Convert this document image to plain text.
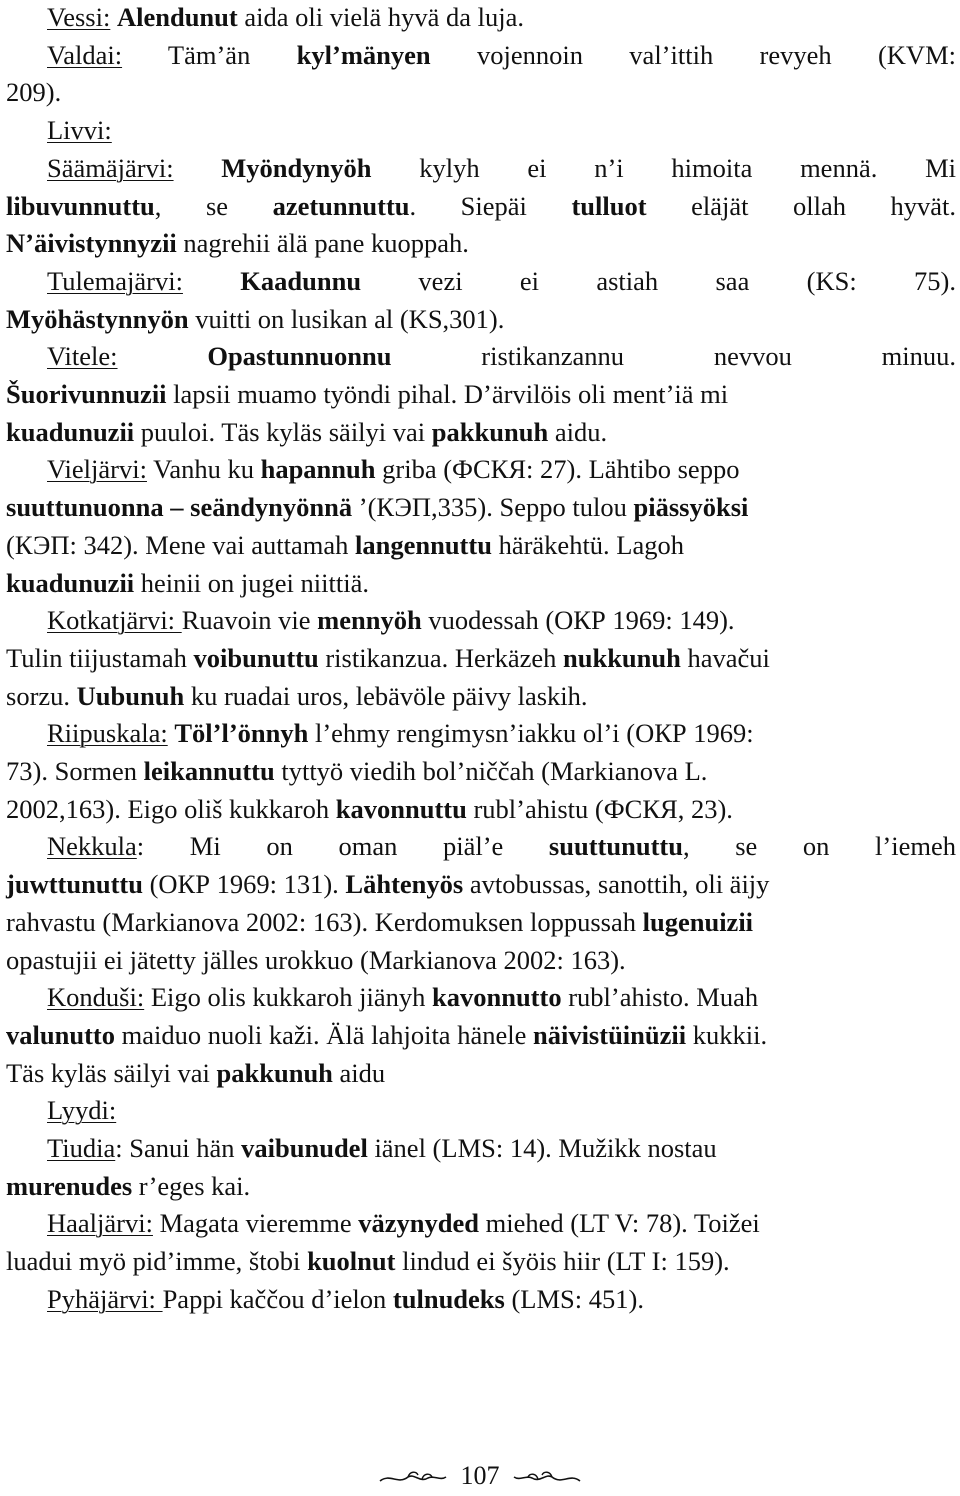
Vessi: Alendunut aida oli vielä hyvä da luja.
Valdai: Täm’än kyl’mänyen vojennoin val’ittih revyeh (KVM:
209).
Livvi:
Säämäjärvi: Myöndynyöh kylyh ei n’i himoita mennä. Mi
libuvunnuttu, se azetunnuttu. Siepäi tulluot eläjät ollah hyvät.
N’äivistynnyzii nagrehii älä pane kuoppah.
Tulemajärvi: Kaadunnu vezi ei astiah saa (KS: 75).
Myöhästynnyön vuitti on lusikan al (KS,301).
Vitele:	Opastunnuonnu ristikanzannu nevvou minuu.
Šuorivunnuzii lapsii muamo työndi pihal. D’ärvilöis oli ment’iä mi
kuadunuzii puuloi. Täs kyläs säilyi vai pakkunuh aidu.
Vieljärvi: Vanhu ku hapannuh griba (ФСКЯ: 27). Lähtibo seppo
suuttunuonna – seändynyönnä ’(КЭП,335). Seppo tulou piässyöksi
(КЭП: 342). Mene vai auttamah langennuttu häräkehtü. Lagoh
kuadunuzii heinii on jugei niittiä.
Kotkatjärvi: Ruavoin vie mennyöh vuodessah (ОКР 1969: 149).
Tulin tiijustamah voibunuttu ristikanzua. Herkäzeh nukkunuh havačui
sorzu. Uubunuh ku ruadai uros, lebävöle päivy laskih.
Riipuskala: Töl’l’önnyh l’ehmy rengimysn’iakku ol’i (ОКР 1969:
73). Sormen leikannuttu tyttyö viedih bol’niččah (Markianova L.
2002,163). Eigo oliš kukkaroh kavonnuttu rubl’ahistu (ФСКЯ, 23).
Nekkula: Mi on oman piäl’e suuttunuttu, se on l’iemeh
juwttunuttu (ОКР 1969: 131). Lähtenyös avtobussas, sanottih, oli äijy
rahvastu (Markianova 2002: 163). Kerdomuksen loppussah lugenuizii
opastujii ei jätetty jälles urokkuo (Markianova 2002: 163).
Konduši: Eigo olis kukkaroh jiänyh kavonnutto rubl’ahisto. Muah
valunutto maiduo nuoli kaži. Älä lahjoita hänele näivistüinüzii kukkii.
Täs kyläs säilyi vai pakkunuh aidu
Lyydi:
Tiudia: Sanui hän vaibunudel iänel (LMS: 14). Mužikk nostau
murenudes r’eges kai.
Haaljärvi: Magata vieremme väzynyded miehed (LT V: 78). Toižei
luadui myö pid’imme, štobi kuolnut lindud ei šyöis hiir (LT I: 159).
Pyhäjärvi: Pappi kaččou d’ielon tulnudeks (LMS: 451).
107
